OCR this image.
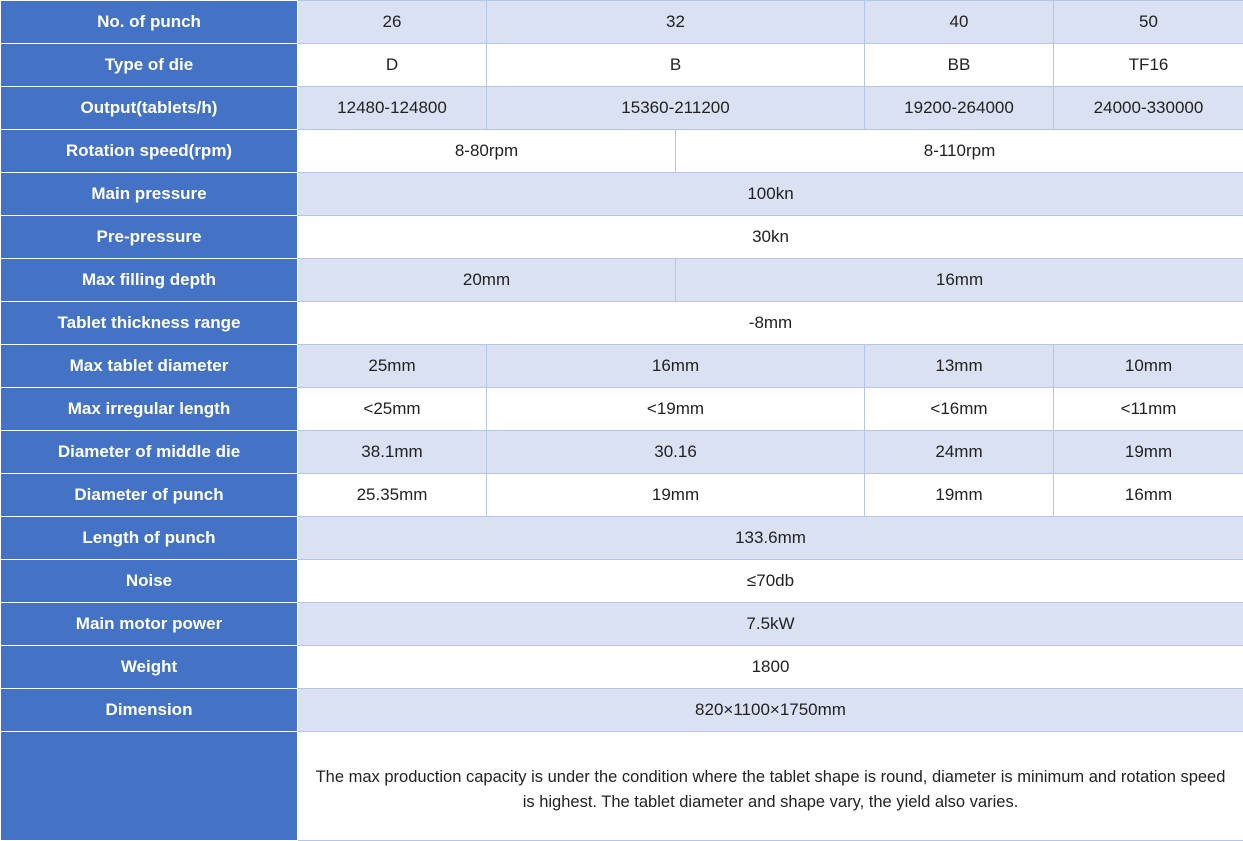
No. of punch	26	32		40	50
Type of die	D	B		BB	TF16
Output(tablets/h)	12480-124800	15360-211200		19200-264000	24000-330000
Rotation speed(rpm)	8-80rpm		8-110rpm		
Main pressure	100kn				
Pre-pressure	30kn				
Max filling depth	20mm		16mm		
Tablet thickness range	-8mm				
Max tablet diameter	25mm	16mm		13mm	10mm
Max irregular length	<25mm	<19mm		<16mm	<11mm
Diameter of middle die	38.1mm	30.16		24mm	19mm
Diameter of punch	25.35mm	19mm		19mm	16mm
Length of punch	133.6mm				
Noise	≤70db				
Main motor power	7.5kW				
Weight	1800				
Dimension	820×1100×1750mm				
	The max production capacity is under the condition where the tablet shape is round, diameter is minimum and rotation speed is highest. The tablet diameter and shape vary, the yield also varies.				
